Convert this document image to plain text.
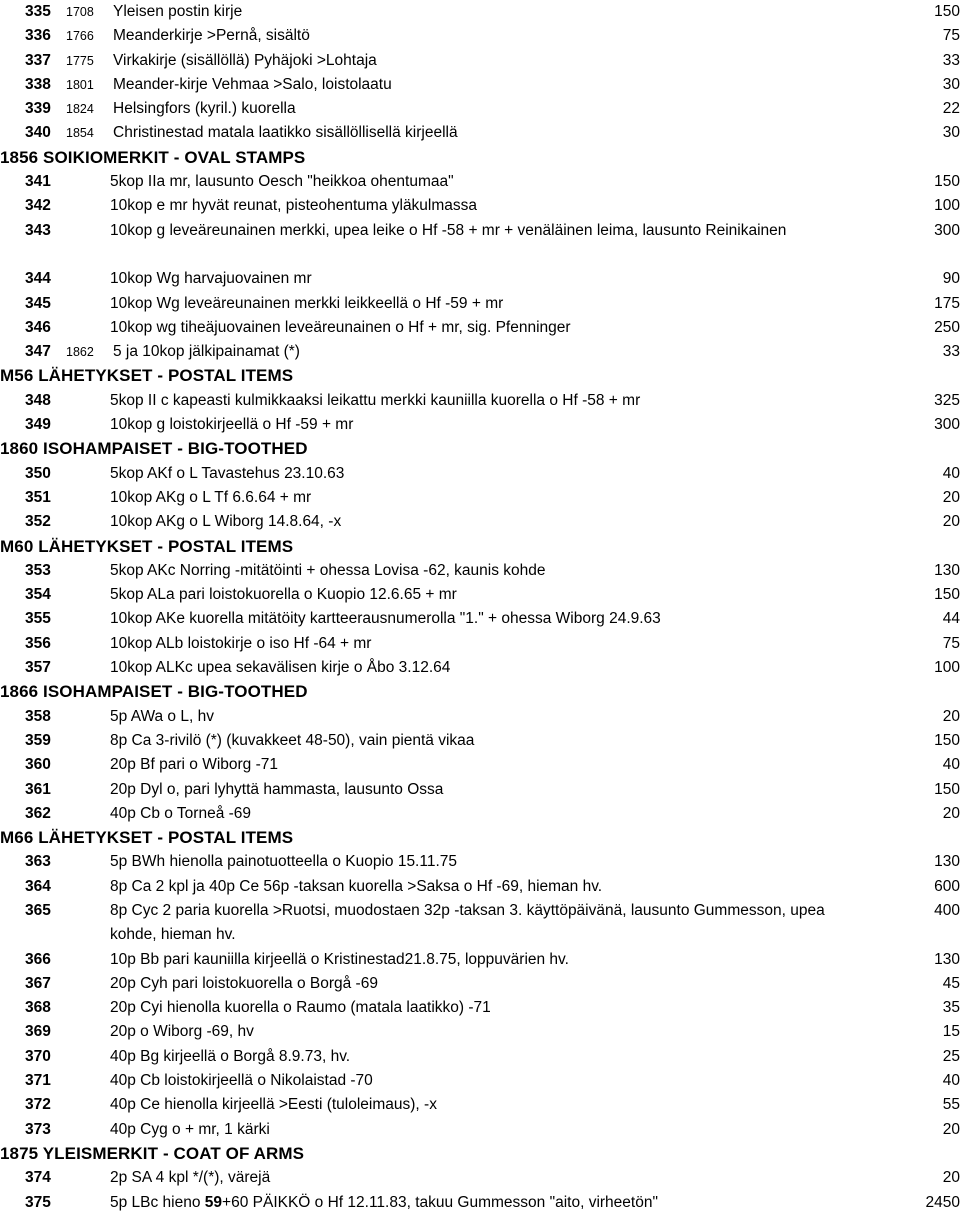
335 1708 Yleisen postin kirje	150
336 1766 Meanderkirje >Pernå, sisältö	75
337 1775 Virkakirje (sisällöllä) Pyhäjoki >Lohtaja	33
338 1801 Meander-kirje Vehmaa >Salo, loistolaatu	30
339 1824 Helsingfors (kyril.) kuorella	22
340 1854 Christinestad matala laatikko sisällöllisellä kirjeellä	30
1856 SOIKIOMERKIT - OVAL STAMPS
341	5kop IIa mr, lausunto Oesch "heikkoa ohentumaa"	150
342	10kop e mr hyvät reunat, pisteohentuma yläkulmassa	100
343	10kop g leveäreunainen merkki, upea leike o Hf -58 + mr + venäläinen leima, lausunto Reinikainen	300
344	10kop Wg harvajuovainen mr	90
345	10kop Wg leveäreunainen merkki leikkeellä o Hf -59 + mr	175
346	10kop wg tiheäjuovainen leveäreunainen o Hf + mr, sig. Pfenninger	250
347 1862 5 ja 10kop jälkipainamat (*)	33
M56 LÄHETYKSET - POSTAL ITEMS
348	5kop II c kapeasti kulmikkaaksi leikattu merkki kauniilla kuorella o Hf -58 + mr	325
349	10kop g loistokirjeellä o Hf -59 + mr	300
1860 ISOHAMPAISET - BIG-TOOTHED
350	5kop AKf o L Tavastehus 23.10.63	40
351	10kop AKg o L Tf 6.6.64 + mr	20
352	10kop AKg o L Wiborg 14.8.64, -x	20
M60 LÄHETYKSET - POSTAL ITEMS
353	5kop AKc Norring -mitätöinti + ohessa Lovisa -62, kaunis kohde	130
354	5kop ALa pari loistokuorella o Kuopio 12.6.65 + mr	150
355	10kop AKe kuorella mitätöity kartteerausnumerolla "1." + ohessa Wiborg 24.9.63	44
356	10kop ALb loistokirje o iso Hf -64 + mr	75
357	10kop ALKc upea sekavälisen kirje o Åbo 3.12.64	100
1866 ISOHAMPAISET - BIG-TOOTHED
358	5p AWa o L, hv	20
359	8p Ca 3-rivilö (*) (kuvakkeet 48-50), vain pientä vikaa	150
360	20p Bf pari o Wiborg -71	40
361	20p Dyl o, pari lyhyttä hammasta, lausunto Ossa	150
362	40p Cb o Torneå -69	20
M66 LÄHETYKSET - POSTAL ITEMS
363	5p BWh hienolla painotuotteella o Kuopio 15.11.75	130
364	8p Ca 2 kpl ja 40p Ce 56p -taksan kuorella >Saksa o Hf -69, hieman hv.	600
365	8p Cyc 2 paria kuorella >Ruotsi, muodostaen 32p -taksan 3. käyttöpäivänä, lausunto Gummesson, upea kohde, hieman hv.
400
366	10p Bb pari kauniilla kirjeellä o Kristinestad21.8.75, loppuvärien hv.	130
367	20p Cyh pari loistokuorella o Borgå -69	45
368	20p Cyi hienolla kuorella o Raumo (matala laatikko) -71	35
369	20p o Wiborg -69, hv	15
370	40p Bg kirjeellä o Borgå 8.9.73, hv.	25
371	40p Cb loistokirjeellä o Nikolaistad -70	40
372	40p Ce hienolla kirjeellä >Eesti (tuloleimaus), -x	55
373	40p Cyg o + mr, 1 kärki	20
1875 YLEISMERKIT - COAT OF ARMS
374	2p SA 4 kpl */(*), värejä	20
375	5p LBc hieno 59+60 PÄIKKÖ o Hf 12.11.83, takuu Gummesson "aito, virheetön"	2450
